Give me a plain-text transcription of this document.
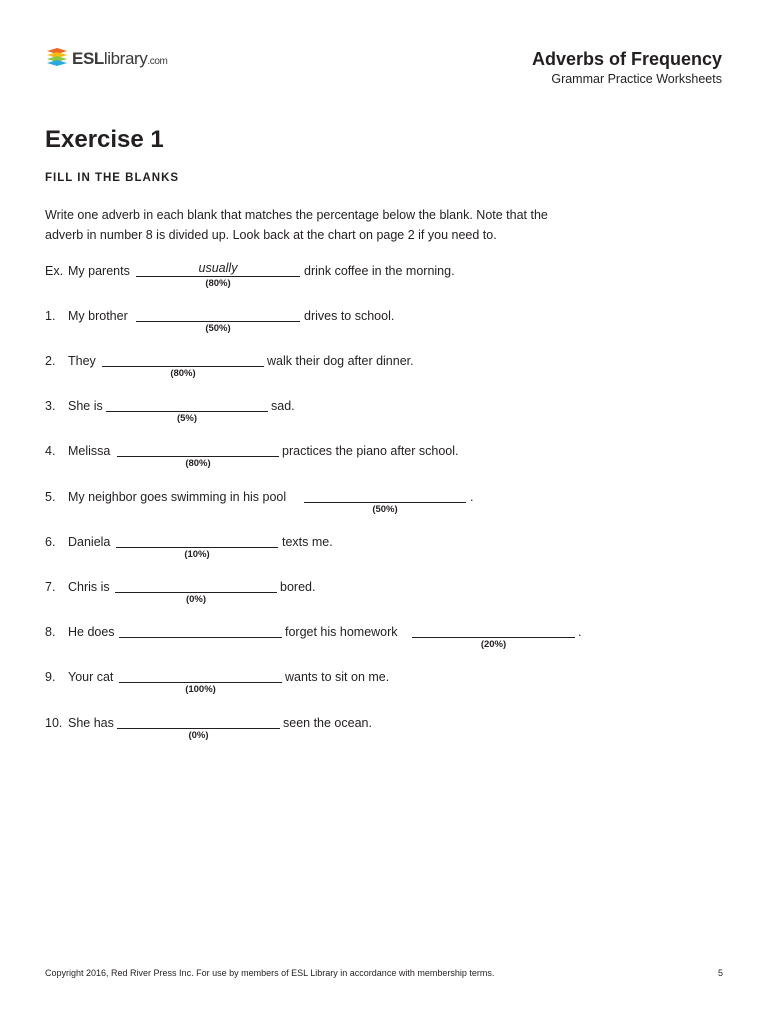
ESL library .com	Adverbs of Frequency
Grammar Practice Worksheets
Exercise 1
FILL IN THE BLANKS
Write one adverb in each blank that matches the percentage below the blank. Note that the adverb in number 8 is divided up. Look back at the chart on page 2 if you need to.
Ex. My parents	usually
(80%)
drink coffee in the morning.
1. My brother
(50%)
drives to school.
2. They
(80%)
walk their dog after dinner.
3. She is
(5%)
sad.
4. Melissa
(80%)
practices the piano after school.
5. My neighbor goes swimming in his pool
(50%)
.
6. Daniela
(10%)
texts me.
7. Chris is
(0%)
bored.
8. He does	forget his homework
(20%)
.
9. Your cat
(100%)
wants to sit on me.
10. She has
(0%)
seen the ocean.
Copyright 2016, Red River Press Inc. For use by members of ESL Library in accordance with membership terms.	5
